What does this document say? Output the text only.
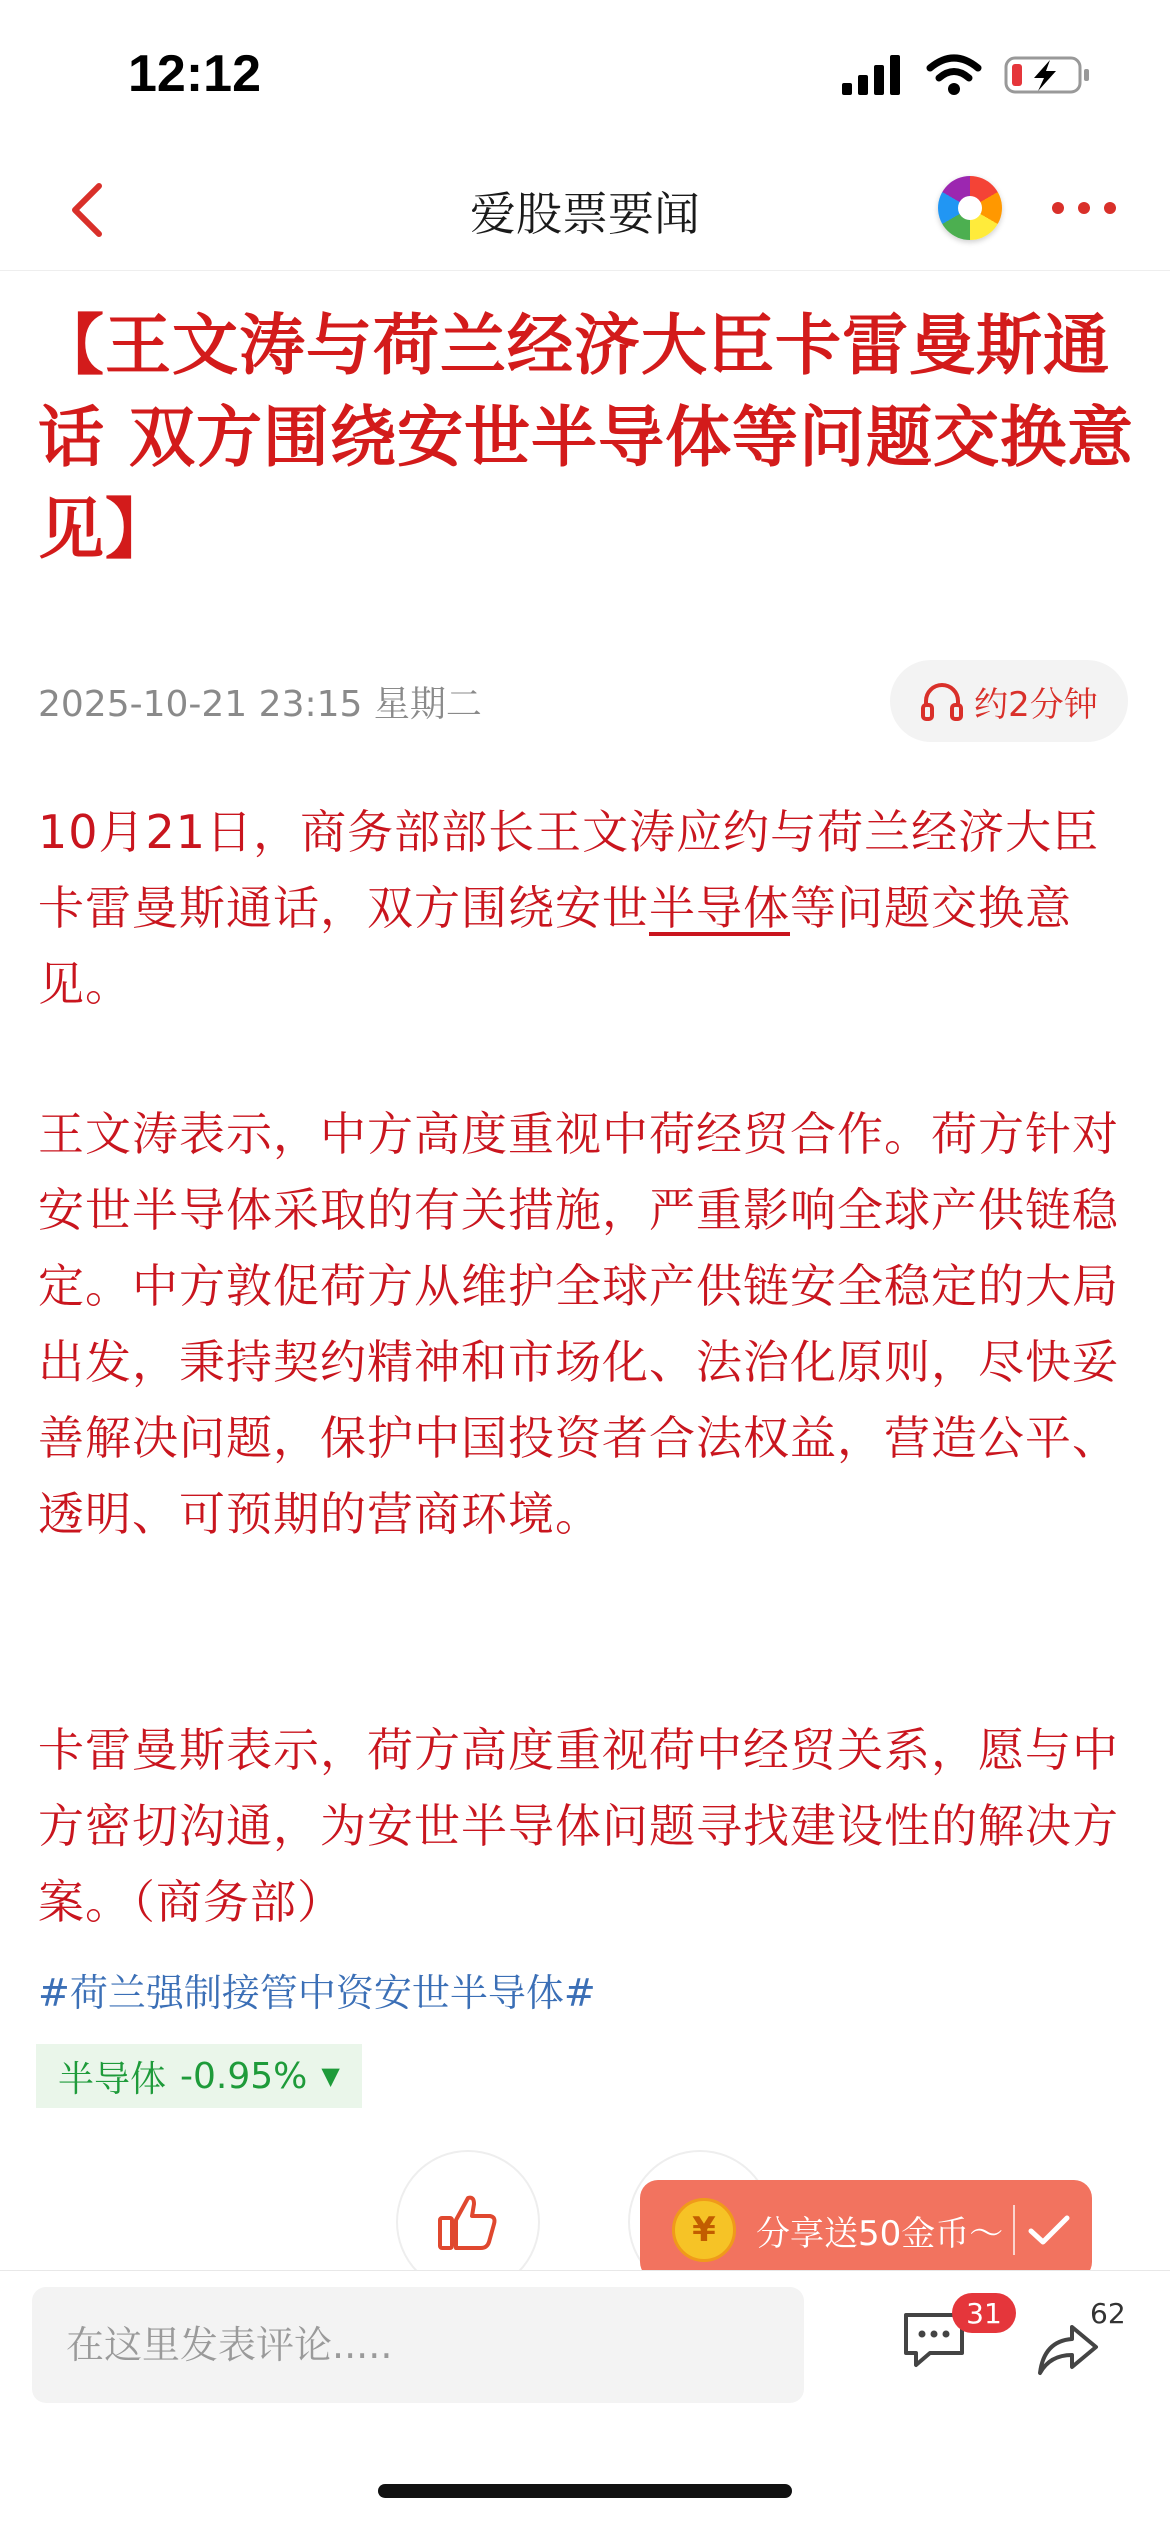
12:12
爱股票要闻
【王文涛与荷兰经济大臣卡雷曼斯通话 双方围绕安世半导体等问题交换意见】
2025-10-21 23:15 星期二	约2分钟

10月21日，商务部部长王文涛应约与荷兰经济大臣卡雷曼斯通话，双方围绕安世半导体等问题交换意见。

王文涛表示，中方高度重视中荷经贸合作。荷方针对安世半导体采取的有关措施，严重影响全球产供链稳定。中方敦促荷方从维护全球产供链安全稳定的大局出发，秉持契约精神和市场化、法治化原则，尽快妥善解决问题，保护中国投资者合法权益，营造公平、透明、可预期的营商环境。

卡雷曼斯表示，荷方高度重视荷中经贸关系，愿与中方密切沟通，为安世半导体问题寻找建设性的解决方案。（商务部）

#荷兰强制接管中资安世半导体#
半导体 -0.95% ▼
¥	分享送50金币～
在这里发表评论.....
31	62
